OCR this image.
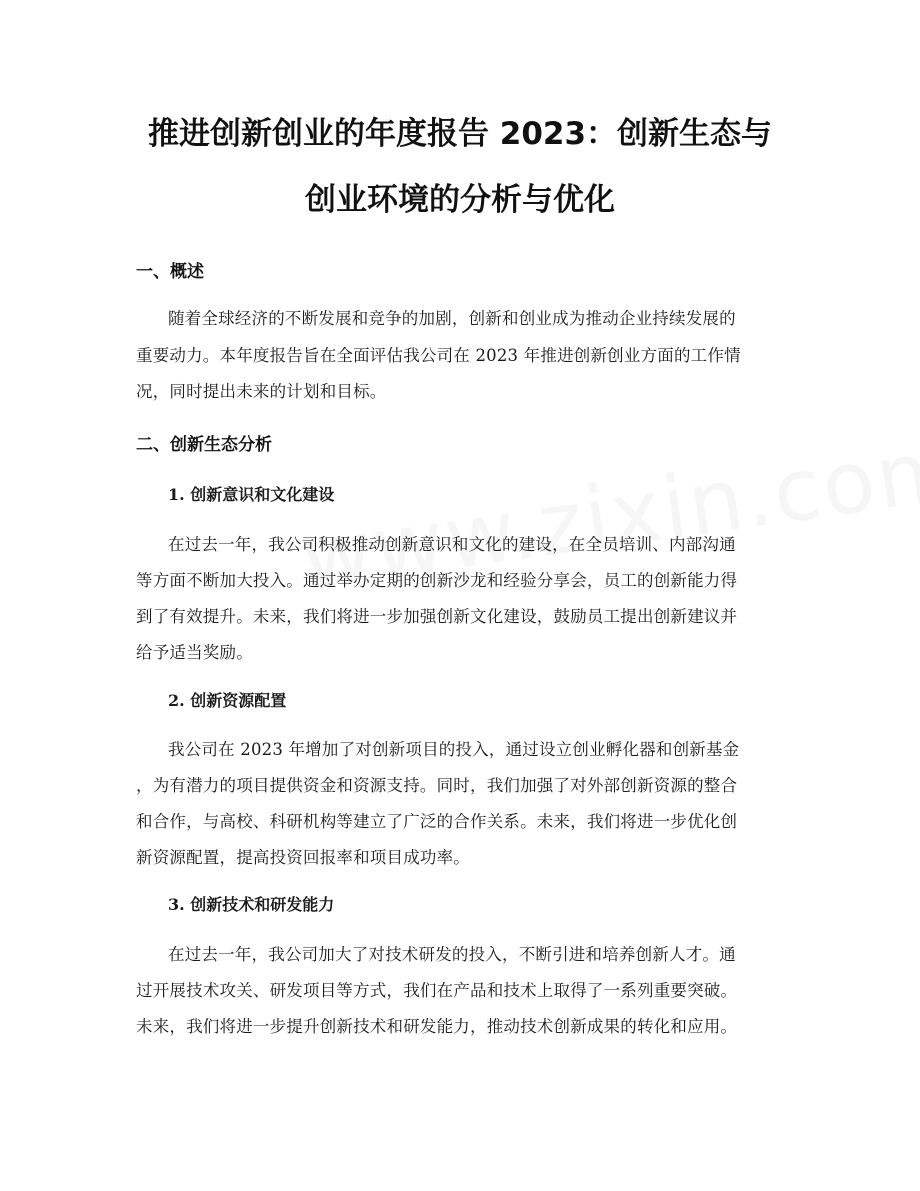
推进创新创业的年度报告 2023：创新生态与
创业环境的分析与优化
一、概述

随着全球经济的不断发展和竞争的加剧，创新和创业成为推动企业持续发展的

重要动力。本年度报告旨在全面评估我公司在 2023 年推进创新创业方面的工作情

况，同时提出未来的计划和目标。

二、创新生态分析
1. 创新意识和文化建设

在过去一年，我公司积极推动创新意识和文化的建设，在全员培训、内部沟通

等方面不断加大投入。通过举办定期的创新沙龙和经验分享会，员工的创新能力得

到了有效提升。未来，我们将进一步加强创新文化建设，鼓励员工提出创新建议并

给予适当奖励。

2. 创新资源配置

我公司在 2023 年增加了对创新项目的投入，通过设立创业孵化器和创新基金

，为有潜力的项目提供资金和资源支持。同时，我们加强了对外部创新资源的整合

和合作，与高校、科研机构等建立了广泛的合作关系。未来，我们将进一步优化创

新资源配置，提高投资回报率和项目成功率。

3. 创新技术和研发能力

在过去一年，我公司加大了对技术研发的投入，不断引进和培养创新人才。通

过开展技术攻关、研发项目等方式，我们在产品和技术上取得了一系列重要突破。

未来，我们将进一步提升创新技术和研发能力，推动技术创新成果的转化和应用。
